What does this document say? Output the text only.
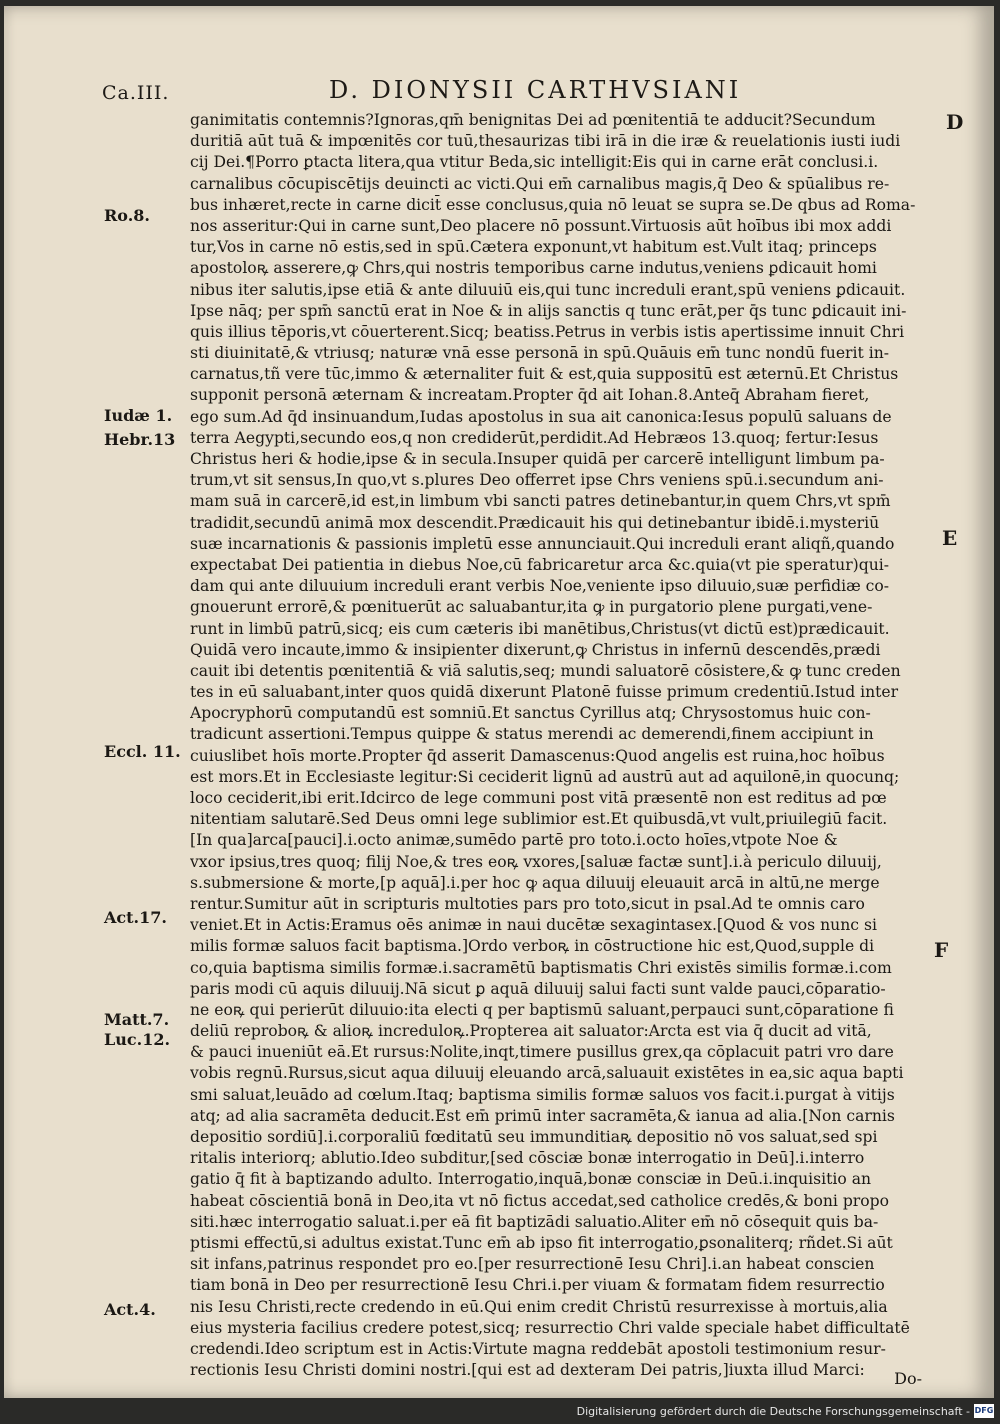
Ca.III.	D. DIONYSII CARTHVSIANI
Ro.8.
Iudæ 1.
Hebr.13
Eccl. 11.
Act.17.
Matt.7.
Luc.12.
Act.4.
D
E
F
ganimitatis contemnis?Ignoras,qm̄ benignitas Dei ad pœnitentiā te adducit?Secundum
duritiā aūt tuā & impœnitēs cor tuū,thesaurizas tibi irā in die iræ & reuelationis iusti iudi
cij Dei.¶Porro ꝑtacta litera,qua vtitur Beda,sic intelligit:Eis qui in carne erāt conclusi.i.
carnalibus cōcupiscētijs deuincti ac victi.Qui em̄ carnalibus magis,q̄ Deo & spūalibus re-
bus inhæret,recte in carne dicit̄ esse conclusus,quia nō leuat se supra se.De qbus ad Roma-
nos asseritur:Qui in carne sunt,Deo placere nō possunt.Virtuosis aūt hoībus ibi mox addi
tur,Vos in carne nō estis,sed in spū.Cætera exponunt,vt habitum est.Vult itaq; princeps
apostoloꝶ asserere,ꝙ Chrs,qui nostris temporibus carne indutus,veniens ꝑdicauit homi
nibus iter salutis,ipse etiā & ante diluuiū eis,qui tunc increduli erant,spū veniens ꝑdicauit.
Ipse nāq; per spm̄ sanctū erat in Noe & in alijs sanctis q tunc erāt,per q̄s tunc ꝑdicauit ini-
quis illius tēporis,vt cōuerterent.Sicq; beatiss.Petrus in verbis istis apertissime innuit Chri
sti diuinitatē,& vtriusq; naturæ vnā esse personā in spū.Quāuis em̄ tunc nondū fuerit in-
carnatus,tñ vere tūc,immo & æternaliter fuit & est,quia suppositū est æternū.Et Christus
supponit personā æternam & increatam.Propter q̄d ait Iohan.8.Anteq̄ Abraham fieret,
ego sum.Ad q̄d insinuandum,Iudas apostolus in sua ait canonica:Iesus populū saluans de
terra Aegypti,secundo eos,q non crediderūt,perdidit.Ad Hebræos 13.quoq; fertur:Iesus
Christus heri & hodie,ipse & in secula.Insuper quidā per carcerē intelligunt limbum pa-
trum,vt sit sensus,In quo,vt s.plures Deo offerret ipse Chrs veniens spū.i.secundum ani-
mam suā in carcerē,id est,in limbum vbi sancti patres detinebantur,in quem Chrs,vt spm̄
tradidit,secundū animā mox descendit.Prædicauit his qui detinebantur ibidē.i.mysteriū
suæ incarnationis & passionis impletū esse annunciauit.Qui increduli erant aliqñ,quando
expectabat Dei patientia in diebus Noe,cū fabricaretur arca &c.quia(vt pie speratur)qui-
dam qui ante diluuium increduli erant verbis Noe,veniente ipso diluuio,suæ perfidiæ co-
gnouerunt errorē,& pœnituerūt ac saluabantur,ita ꝙ in purgatorio plene purgati,vene-
runt in limbū patrū,sicq; eis cum cæteris ibi manētibus,Christus(vt dictū est)prædicauit.
Quidā vero incaute,immo & insipienter dixerunt,ꝙ Christus in infernū descendēs,prædi
cauit ibi detentis pœnitentiā & viā salutis,seq; mundi saluatorē cōsistere,& ꝙ tunc creden
tes in eū saluabant,inter quos quidā dixerunt Platonē fuisse primum credentiū.Istud inter
Apocryphorū computandū est somniū.Et sanctus Cyrillus atq; Chrysostomus huic con-
tradicunt assertioni.Tempus quippe & status merendi ac demerendi,finem accipiunt in
cuiuslibet hoīs morte.Propter q̄d asserit Damascenus:Quod angelis est ruina,hoc hoībus
est mors.Et in Ecclesiaste legitur:Si ceciderit lignū ad austrū aut ad aquilonē,in quocunq;
loco ceciderit,ibi erit.Idcirco de lege communi post vitā præsentē non est reditus ad pœ
nitentiam salutarē.Sed Deus omni lege sublimior est.Et quibusdā,vt vult,priuilegiū facit.
[In qua]arca[pauci].i.octo animæ,sumēdo partē pro toto.i.octo hoīes,vtpote Noe &
vxor ipsius,tres quoq; filij Noe,& tres eoꝶ vxores,[saluæ factæ sunt].i.à periculo diluuij,
s.submersione & morte,[p aquā].i.per hoc ꝙ aqua diluuij eleuauit arcā in altū,ne merge
rentur.Sumitur aūt in scripturis multoties pars pro toto,sicut in psal.Ad te omnis caro
veniet.Et in Actis:Eramus oēs animæ in naui ducētæ sexagintasex.[Quod & vos nunc si
milis formæ saluos facit baptisma.]Ordo verboꝶ in cōstructione hic est,Quod,supple di
co,quia baptisma similis formæ.i.sacramētū baptismatis Chri existēs similis formæ.i.com
paris modi cū aquis diluuij.Nā sicut ꝑ aquā diluuij salui facti sunt valde pauci,cōparatio-
ne eoꝶ qui perierūt diluuio:ita electi q per baptismū saluant,perpauci sunt,cōparatione fi
deliū reproboꝶ & alioꝶ increduloꝶ.Propterea ait saluator:Arcta est via q̄ ducit ad vitā,
& pauci inueniūt eā.Et rursus:Nolite,inqt,timere pusillus grex,qa cōplacuit patri vro dare
vobis regnū.Rursus,sicut aqua diluuij eleuando arcā,saluauit existētes in ea,sic aqua bapti
smi saluat,leuādo ad cœlum.Itaq; baptisma similis formæ saluos vos facit.i.purgat à vitijs
atq; ad alia sacramēta deducit.Est em̄ primū inter sacramēta,& ianua ad alia.[Non carnis
depositio sordiū].i.corporaliū fœditatū seu immunditiaꝶ depositio nō vos saluat,sed spi
ritalis interiorq; ablutio.Ideo subditur,[sed cōsciæ bonæ interrogatio in Deū].i.interro
gatio q̄ fit à baptizando adulto. Interrogatio,inquā,bonæ consciæ in Deū.i.inquisitio an
habeat cōscientiā bonā in Deo,ita vt nō fictus accedat,sed catholice credēs,& boni propo
siti.hæc interrogatio saluat.i.per eā fit baptizādi saluatio.Aliter em̄ nō cōsequit quis ba-
ptismi effectū,si adultus existat.Tunc em̄ ab ipso fit interrogatio,ꝑsonaliterq; rñdet.Si aūt
sit infans,patrinus respondet pro eo.[per resurrectionē Iesu Chri].i.an habeat conscien
tiam bonā in Deo per resurrectionē Iesu Chri.i.per viuam & formatam fidem resurrectio
nis Iesu Christi,recte credendo in eū.Qui enim credit Christū resurrexisse à mortuis,alia
eius mysteria facilius credere potest,sicq; resurrectio Chri valde speciale habet difficultatē
credendi.Ideo scriptum est in Actis:Virtute magna reddebāt apostoli testimonium resur-
rectionis Iesu Christi domini nostri.[qui est ad dexteram Dei patris,]iuxta illud Marci:	Do-
Digitalisierung gefördert durch die Deutsche Forschungsgemeinschaft - DFG
